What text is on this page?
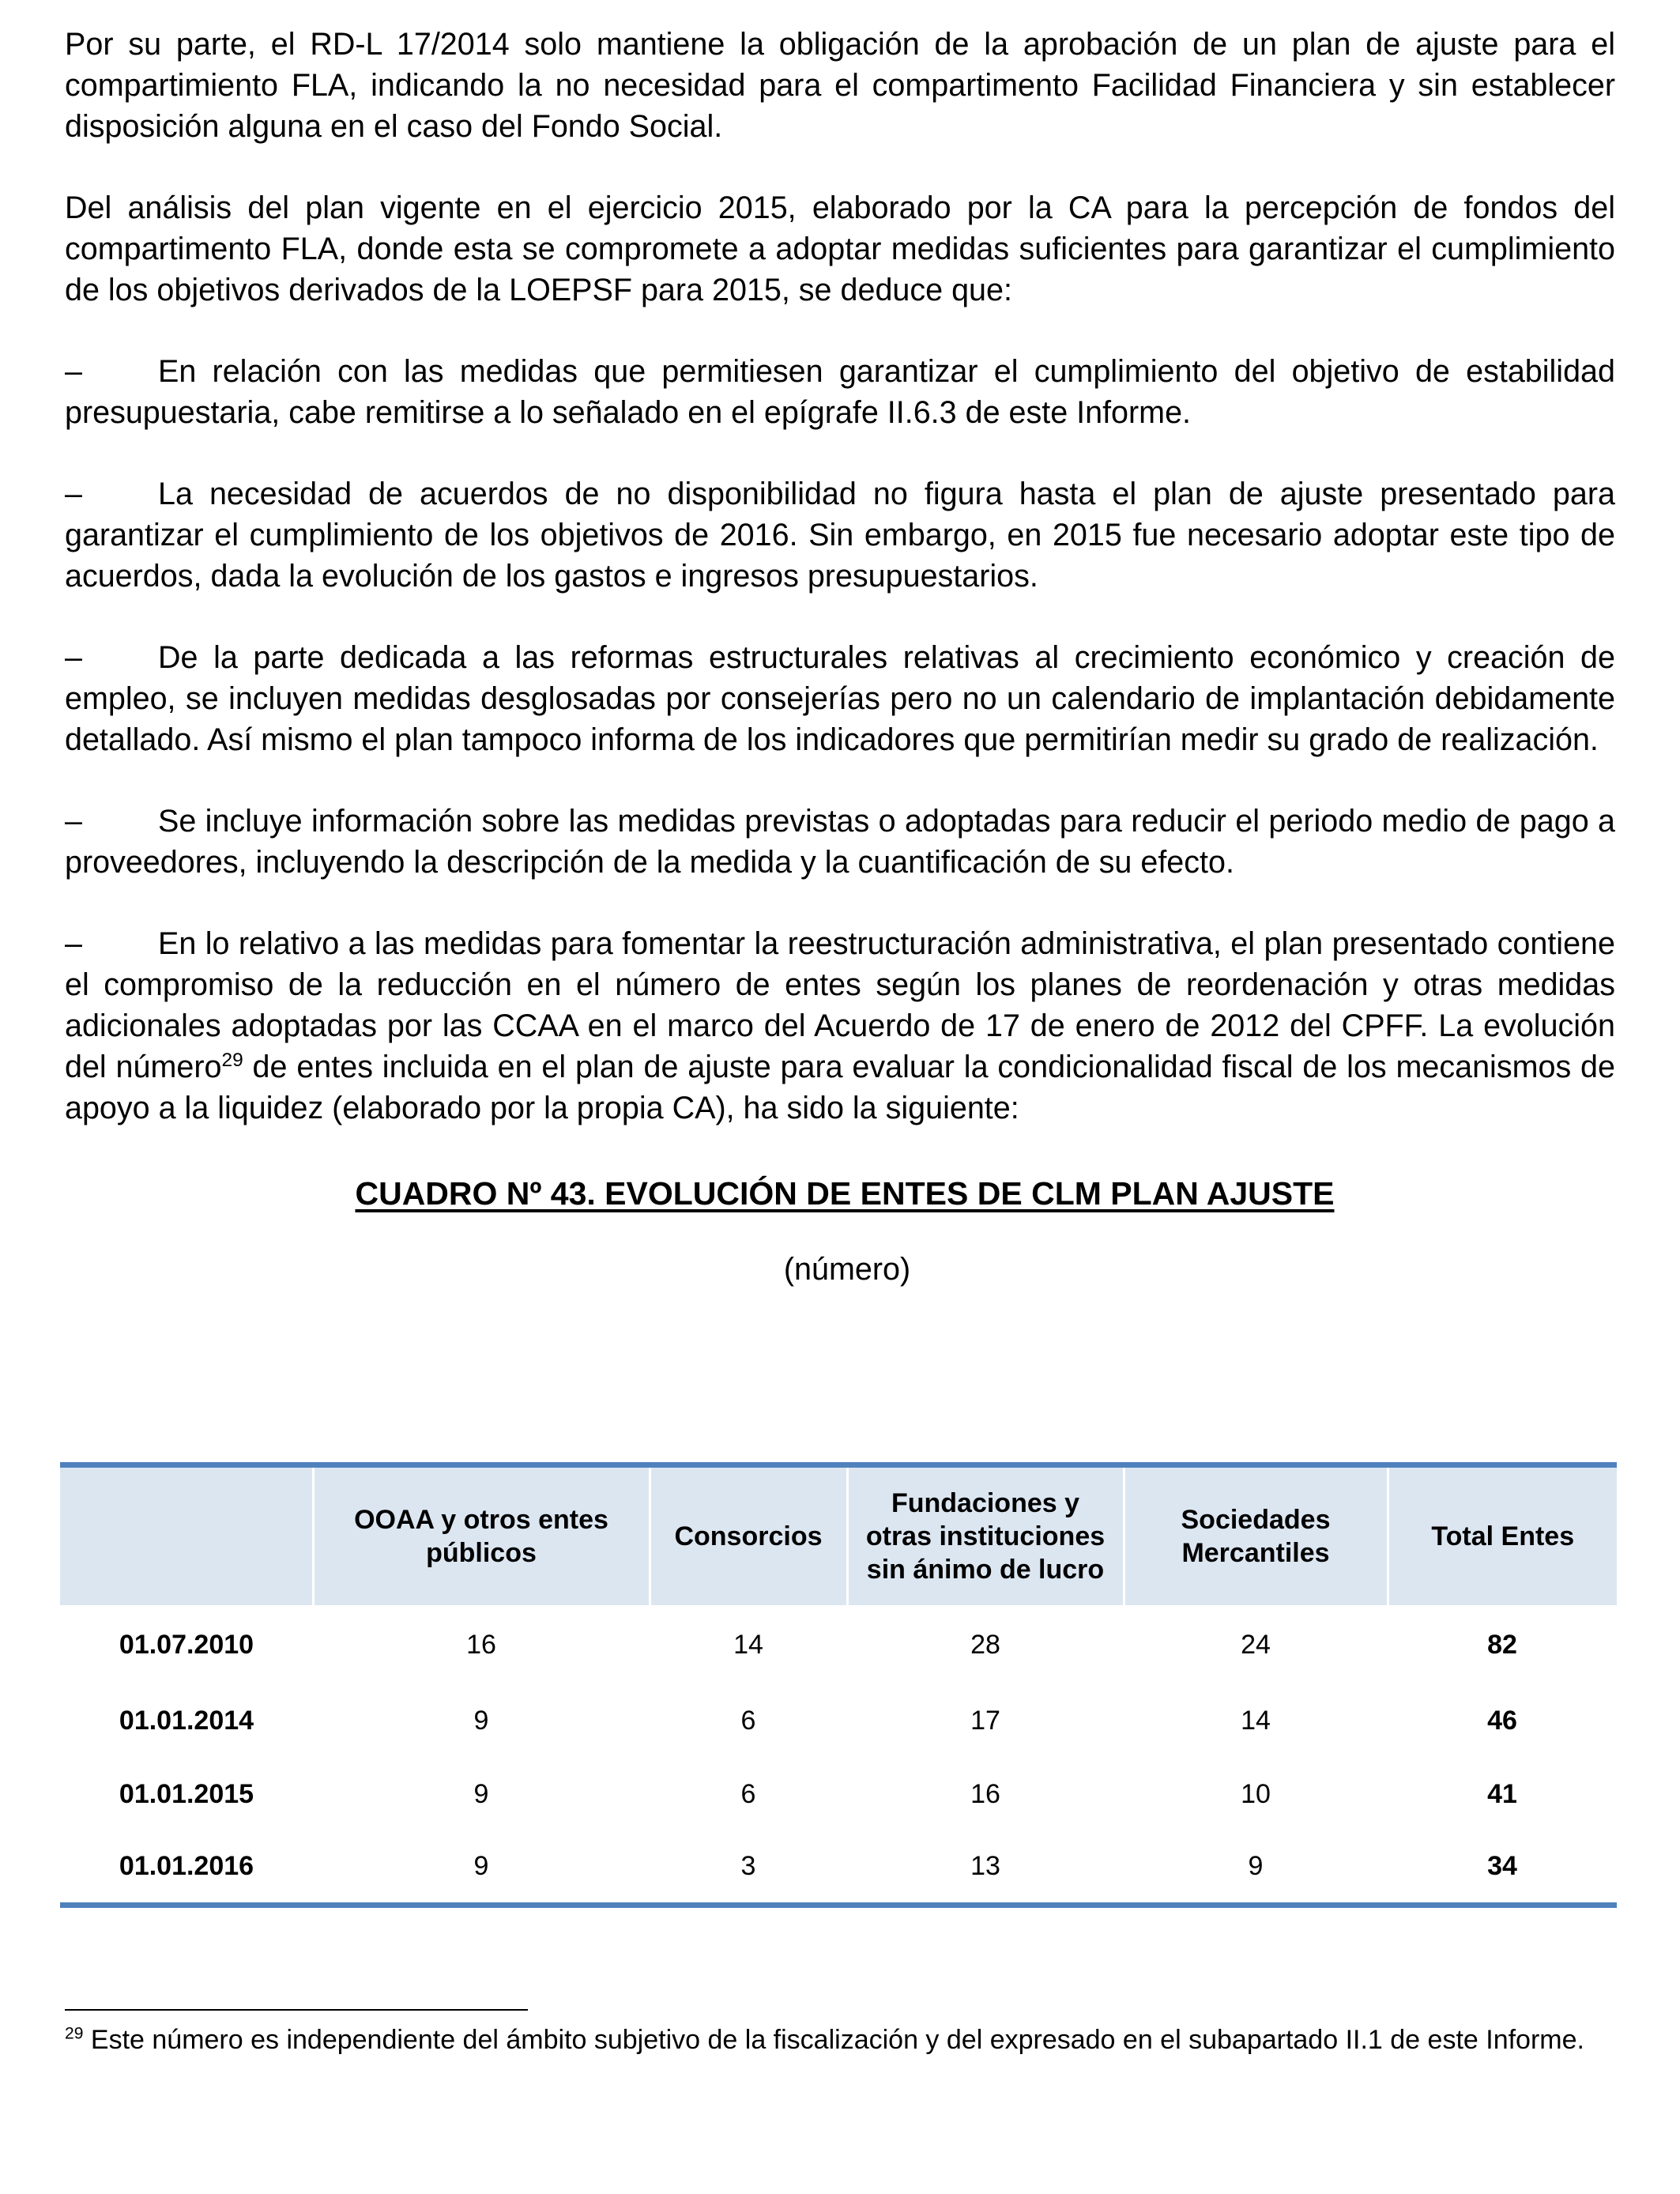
Por su parte, el RD-L 17/2014 solo mantiene la obligación de la aprobación de un plan de ajuste para el compartimiento FLA, indicando la no necesidad para el compartimento Facilidad Financiera y sin establecer disposición alguna en el caso del Fondo Social.

Del análisis del plan vigente en el ejercicio 2015, elaborado por la CA para la percepción de fondos del compartimento FLA, donde esta se compromete a adoptar medidas suficientes para garantizar el cumplimiento de los objetivos derivados de la LOEPSF para 2015, se deduce que:

– En relación con las medidas que permitiesen garantizar el cumplimiento del objetivo de estabilidad presupuestaria, cabe remitirse a lo señalado en el epígrafe II.6.3 de este Informe.

– La necesidad de acuerdos de no disponibilidad no figura hasta el plan de ajuste presentado para garantizar el cumplimiento de los objetivos de 2016. Sin embargo, en 2015 fue necesario adoptar este tipo de acuerdos, dada la evolución de los gastos e ingresos presupuestarios.

– De la parte dedicada a las reformas estructurales relativas al crecimiento económico y creación de empleo, se incluyen medidas desglosadas por consejerías pero no un calendario de implantación debidamente detallado. Así mismo el plan tampoco informa de los indicadores que permitirían medir su grado de realización.

– Se incluye información sobre las medidas previstas o adoptadas para reducir el periodo medio de pago a proveedores, incluyendo la descripción de la medida y la cuantificación de su efecto.

– En lo relativo a las medidas para fomentar la reestructuración administrativa, el plan presentado contiene el compromiso de la reducción en el número de entes según los planes de reordenación y otras medidas adicionales adoptadas por las CCAA en el marco del Acuerdo de 17 de enero de 2012 del CPFF. La evolución del número$^{29}$ de entes incluida en el plan de ajuste para evaluar la condicionalidad fiscal de los mecanismos de apoyo a la liquidez (elaborado por la propia CA), ha sido la siguiente:

CUADRO Nº 43. EVOLUCIÓN DE ENTES DE CLM PLAN AJUSTE

(número)

	OOAA y otros entes
públicos	Consorcios	Fundaciones y
otras instituciones
sin ánimo de lucro	Sociedades
Mercantiles	Total Entes
01.07.2010	16	14	28	24	82
01.01.2014	9	6	17	14	46
01.01.2015	9	6	16	10	41
01.01.2016	9	3	13	9	34

$^{29}$ Este número es independiente del ámbito subjetivo de la fiscalización y del expresado en el subapartado II.1 de este Informe.
